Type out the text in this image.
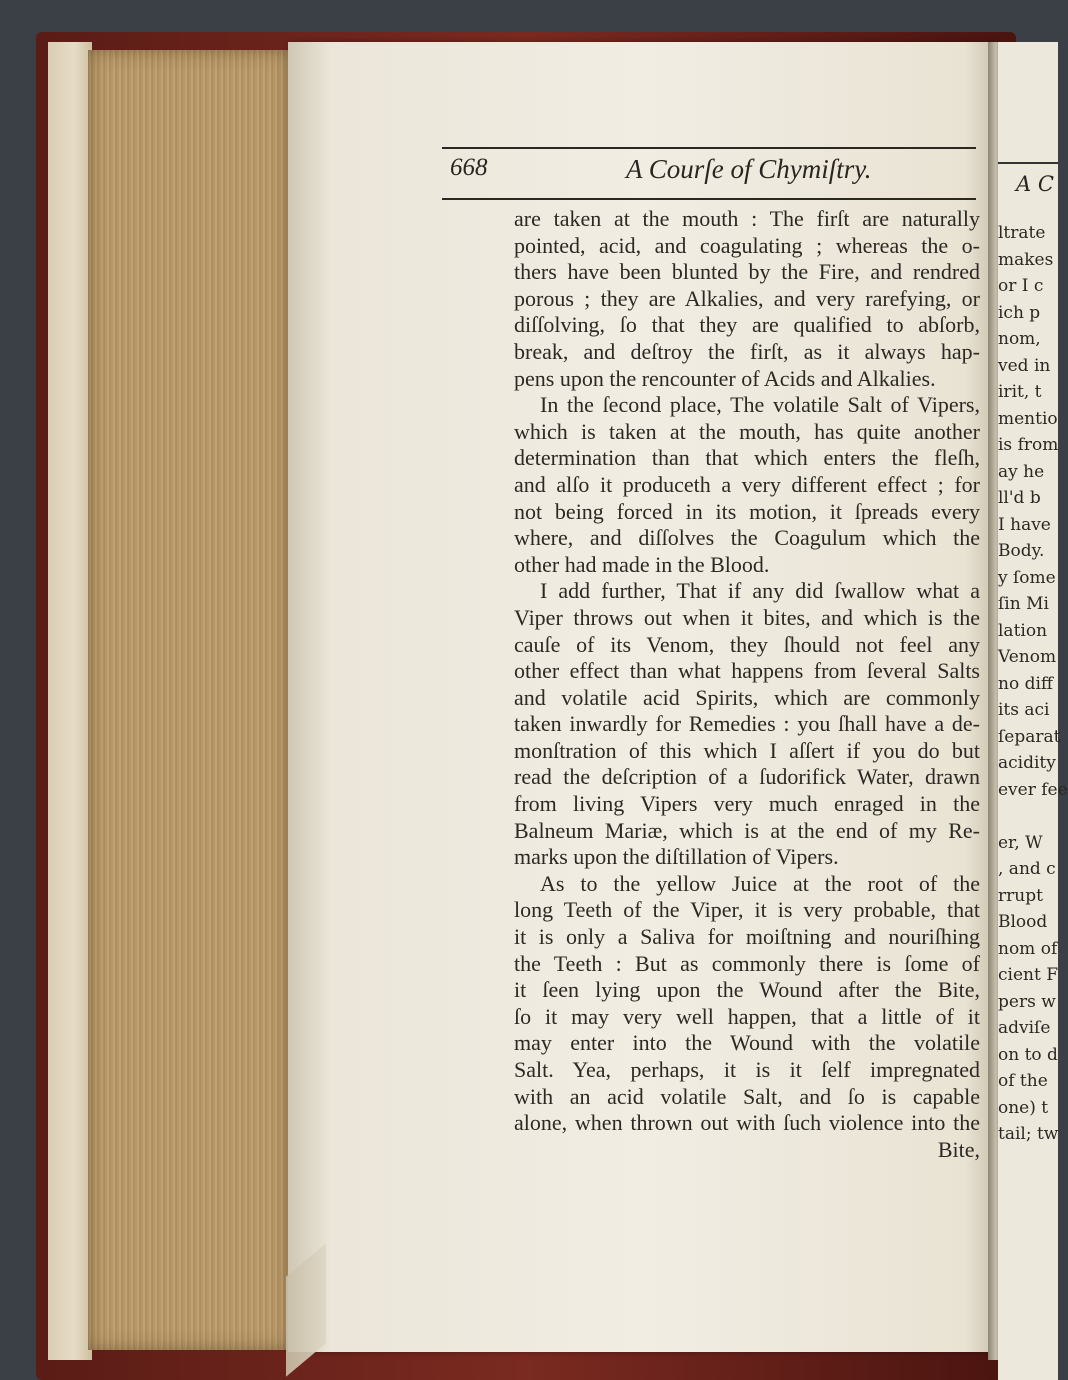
668	A Courſe of Chymiſtry.
are taken at the mouth : The firſt are naturally
pointed, acid, and coagulating ; whereas the o-
thers have been blunted by the Fire, and rendred
porous ; they are Alkalies, and very rarefying, or
diſſolving, ſo that they are qualified to abſorb,
break, and deſtroy the firſt, as it always hap-
pens upon the rencounter of Acids and Alkalies.
In the ſecond place, The volatile Salt of Vipers,
which is taken at the mouth, has quite another
determination than that which enters the fleſh,
and alſo it produceth a very different effect ; for
not being forced in its motion, it ſpreads every
where, and diſſolves the Coagulum which the
other had made in the Blood.
I add further, That if any did ſwallow what a
Viper throws out when it bites, and which is the
cauſe of its Venom, they ſhould not feel any
other effect than what happens from ſeveral Salts
and volatile acid Spirits, which are commonly
taken inwardly for Remedies : you ſhall have a de-
monſtration of this which I aſſert if you do but
read the deſcription of a ſudorifick Water, drawn
from living Vipers very much enraged in the
Balneum Mariæ, which is at the end of my Re-
marks upon the diſtillation of Vipers.
As to the yellow Juice at the root of the
long Teeth of the Viper, it is very probable, that
it is only a Saliva for moiſtning and nouriſhing
the Teeth : But as commonly there is ſome of
it ſeen lying upon the Wound after the Bite,
ſo it may very well happen, that a little of it
may enter into the Wound with the volatile
Salt. Yea, perhaps, it is it ſelf impregnated
with an acid volatile Salt, and ſo is capable
alone, when thrown out with ſuch violence into the
Bite,
A C
ltrate
makes
or I c
ich p
nom,
ved in
irit, t
mentio
is from
ay he
ll'd b
I have
Body.
y ſome
ſin Mi
lation
Venom
no diff
its aci
ſeparat
acidity
ever fee
er, W
, and c
rrupt
Blood
nom of
cient F
pers w
adviſe
on to d
of the
one) t
tail; tw
